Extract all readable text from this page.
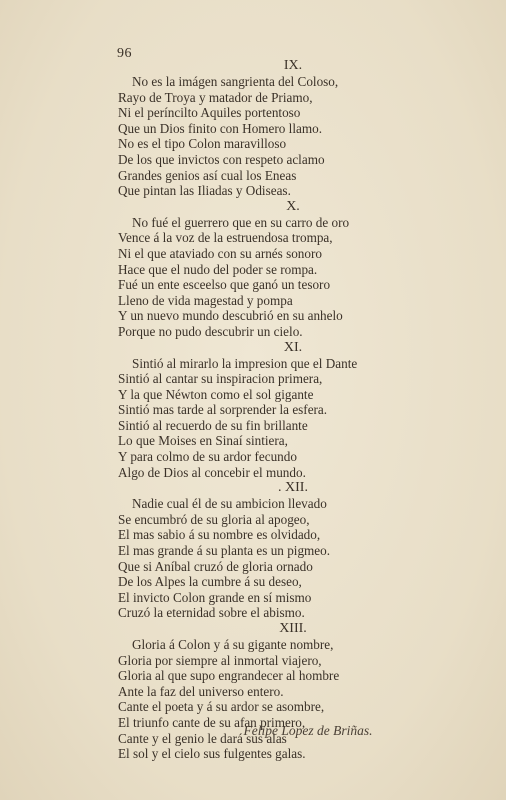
96
IX.
No es la imágen sangrienta del Coloso,
Rayo de Troya y matador de Priamo,
Ni el períncilto Aquiles portentoso
Que un Dios finito con Homero llamo.
No es el tipo Colon maravilloso
De los que invictos con respeto aclamo
Grandes genios así cual los Eneas
Que pintan las Iliadas y Odiseas.
X.
No fué el guerrero que en su carro de oro
Vence á la voz de la estruendosa trompa,
Ni el que ataviado con su arnés sonoro
Hace que el nudo del poder se rompa.
Fué un ente esceelso que ganó un tesoro
Lleno de vida magestad y pompa
Y un nuevo mundo descubrió en su anhelo
Porque no pudo descubrir un cielo.
XI.
Sintió al mirarlo la impresion que el Dante
Sintió al cantar su inspiracion primera,
Y la que Néwton como el sol gigante
Sintió mas tarde al sorprender la esfera.
Sintió al recuerdo de su fin brillante
Lo que Moises en Sinaí sintiera,
Y para colmo de su ardor fecundo
Algo de Dios al concebir el mundo.
. XII.
Nadie cual él de su ambicion llevado
Se encumbró de su gloria al apogeo,
El mas sabio á su nombre es olvidado,
El mas grande á su planta es un pigmeo.
Que si Aníbal cruzó de gloria ornado
De los Alpes la cumbre á su deseo,
El invicto Colon grande en sí mismo
Cruzó la eternidad sobre el abismo.
XIII.
Gloria á Colon y á su gigante nombre,
Gloria por siempre al inmortal viajero,
Gloria al que supo engrandecer al hombre
Ante la faz del universo entero.
Cante el poeta y á su ardor se asombre,
El triunfo cante de su afan primero,
Cante y el genio le dará sus alas
El sol y el cielo sus fulgentes galas.
Felipe Lopez de Briñas.
